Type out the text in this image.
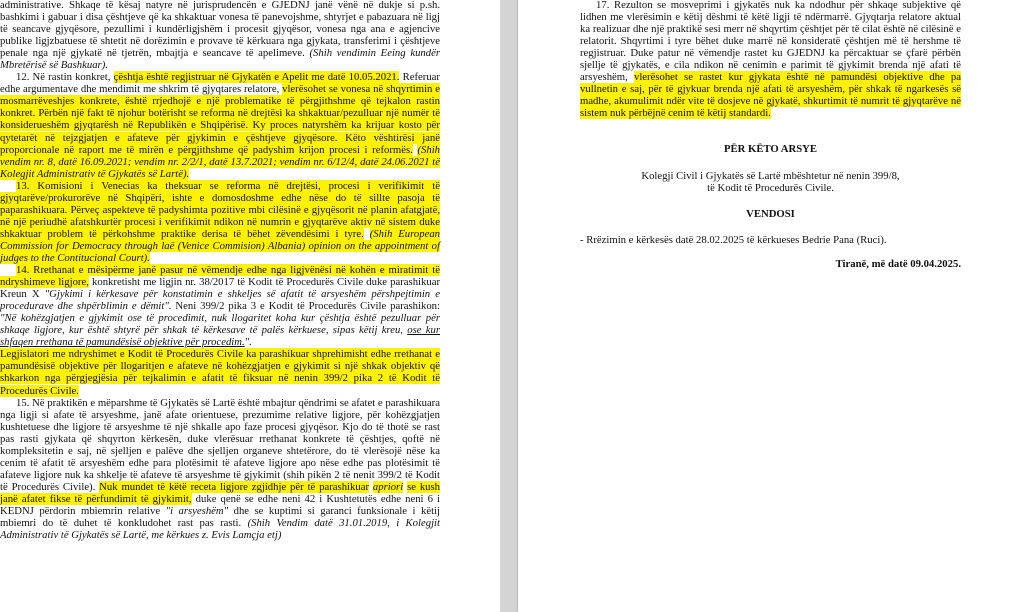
administrative. Shkaqe të kësaj natyre në jurisprudencën e GJEDNJ janë vënë në dukje si p.sh. bashkimi i gabuar i disa çështjeve që ka shkaktuar vonesa të panevojshme, shtyrjet e pabazuara në ligj të seancave gjyqësore, pezullimi i kundërligjshëm i procesit gjyqësor, vonesa nga ana e agjencive publike ligjzbatuese të shtetit në dorëzimin e provave të kërkuara nga gjykata, transferimi i çështjeve penale nga një gjykatë në tjetrën, mbajtja e seancave të apelimeve. (Shih vendimin Eeing kundër Mbretërisë së Bashkuar).

12. Në rastin konkret, çështja është regjistruar në Gjykatën e Apelit me datë 10.05.2021. Referuar edhe argumentave dhe mendimit me shkrim të gjyqtares relatore, vlerësohet se vonesa në shqyrtimin e mosmarrëveshjes konkrete, është rrjedhojë e një problematike të përgjithshme që tejkalon rastin konkret. Përbën një fakt të njohur botërisht se reforma në drejtësi ka shkaktuar/pezulluar një numër të konsiderueshëm gjyqtarësh në Republikën e Shqipërisë. Ky proces natyrshëm ka krijuar kosto për qytetarët në tejzgjatjen e afateve për gjykimin e çështjeve gjyqësore. Këto vështirësi janë proporcionale në raport me të mirën e përgjithshme që padyshim krijon procesi i reformës. (Shih vendim nr. 8, datë 16.09.2021; vendim nr. 2/2/1, datë 13.7.2021; vendim nr. 6/12/4, datë 24.06.2021 të Kolegjit Administrativ të Gjykatës së Lartë).

13. Komisioni i Venecias ka theksuar se reforma në drejtësi, procesi i verifikimit të gjyqtarëve/prokurorëve në Shqipëri, ishte e domosdoshme edhe nëse do të sillte pasoja të paparashikuara. Përveç aspekteve të padyshimta pozitive mbi cilësinë e gjyqësorit në planin afatgjatë, në një periudhë afatshkurtër procesi i verifikimit ndikon në numrin e gjyqtarëve aktiv në sistem duke shkaktuar problem të përkohshme praktike derisa të bëhet zëvendësimi i tyre. (Shih European Commission for Democracy through laë (Venice Commision) Albania) opinion on the appointment of judges to the Contitucional Court).

14. Rrethanat e mësipërme janë pasur në vëmendje edhe nga ligjvënësi në kohën e miratimit të ndryshimeve ligjore, konkretisht me ligjin nr. 38/2017 të Kodit të Procedurës Civile duke parashikuar Kreun X "Gjykimi i kërkesave për konstatimin e shkeljes së afatit të arsyeshëm përshpejtimin e procedurave dhe shpërblimin e dëmit". Neni 399/2 pika 3 e Kodit të Procedurës Civile parashikon: "Në kohëzgjatjen e gjykimit ose të procedimit, nuk llogaritet koha kur çështja është pezulluar për shkaqe ligjore, kur është shtyrë për shkak të kërkesave të palës kërkuese, sipas këtij kreu, ose kur shfaqen rrethana të pamundësisë objektive për procedim.".

Legjislatori me ndryshimet e Kodit të Procedurës Civile ka parashikuar shprehimisht edhe rrethanat e pamundësisë objektive për llogaritjen e afateve në kohëzgjatjen e gjykimit si një shkak objektiv që shkarkon nga përgjegjësia për tejkalimin e afatit të fiksuar në nenin 399/2 pika 2 të Kodit të Procedurës Civile.

15. Në praktikën e mëparshme të Gjykatës së Lartë është mbajtur qëndrimi se afatet e parashikuara nga ligji si afate të arsyeshme, janë afate orientuese, prezumime relative ligjore, për kohëzgjatjen kushtetuese dhe ligjore të arsyeshme të një shkalle apo faze procesi gjyqësor. Kjo do të thotë se rast pas rasti gjykata që shqyrton kërkesën, duke vlerësuar rrethanat konkrete të çështjes, qoftë në kompleksitetin e saj, në sjelljen e palëve dhe sjelljen organeve shtetërore, do të vlerësojë nëse ka cenim të afatit të arsyeshëm edhe para plotësimit të afateve ligjore apo nëse edhe pas plotësimit të afateve ligjore nuk ka shkelje të afateve të arsyeshme të gjykimit (shih pikën 2 të nenit 399/2 të Kodit të Procedurës Civile). Nuk mundet të këtë receta ligjore zgjidhje për të parashikuar apriori se kush janë afatet fikse të përfundimit të gjykimit, duke qenë se edhe neni 42 i Kushtetutës edhe neni 6 i KEDNJ përdorin mbiemrin relative "i arsyeshëm" dhe se kuptimi si garanci funksionale i këtij mbiemri do të duhet të konkludohet rast pas rasti. (Shih Vendim datë 31.01.2019, i Kolegjit Administrativ të Gjykatës së Lartë, me kërkues z. Evis Lamçja etj)

17. Rezulton se mosveprimi i gjykatës nuk ka ndodhur për shkaqe subjektive që lidhen me vlerësimin e këtij dëshmi të këtë ligji të ndërmarrë. Gjyqtarja relatore aktual ka realizuar dhe një praktikë sesi merr në shqyrtim çështjet për të cilat është në cilësinë e relatorit. Shqyrtimi i tyre bëhet duke marrë në konsideratë çështjen më të hershme të regjistruar. Duke patur në vëmendje rastet ku GJEDNJ ka përcaktuar se çfarë përbën sjellje të gjykatës, e cila ndikon në cenimin e parimit të gjykimit brenda një afati të arsyeshëm, vlerësohet se rastet kur gjykata është në pamundësi objektive dhe pa vullnetin e saj, për të gjykuar brenda një afati të arsyeshëm, për shkak të ngarkesës së madhe, akumulimit ndër vite të dosjeve në gjykatë, shkurtimit të numrit të gjyqtarëve në sistem nuk përbëjnë cenim të këtij standardi.

PËR KËTO ARSYE

Kolegji Civil i Gjykatës së Lartë mbështetur në nenin 399/8, të Kodit të Procedurës Civile.

VENDOSI

- Rrëzimin e kërkesës datë 28.02.2025 të kërkueses Bedrie Pana (Ruci).

Tiranë, më datë 09.04.2025.
